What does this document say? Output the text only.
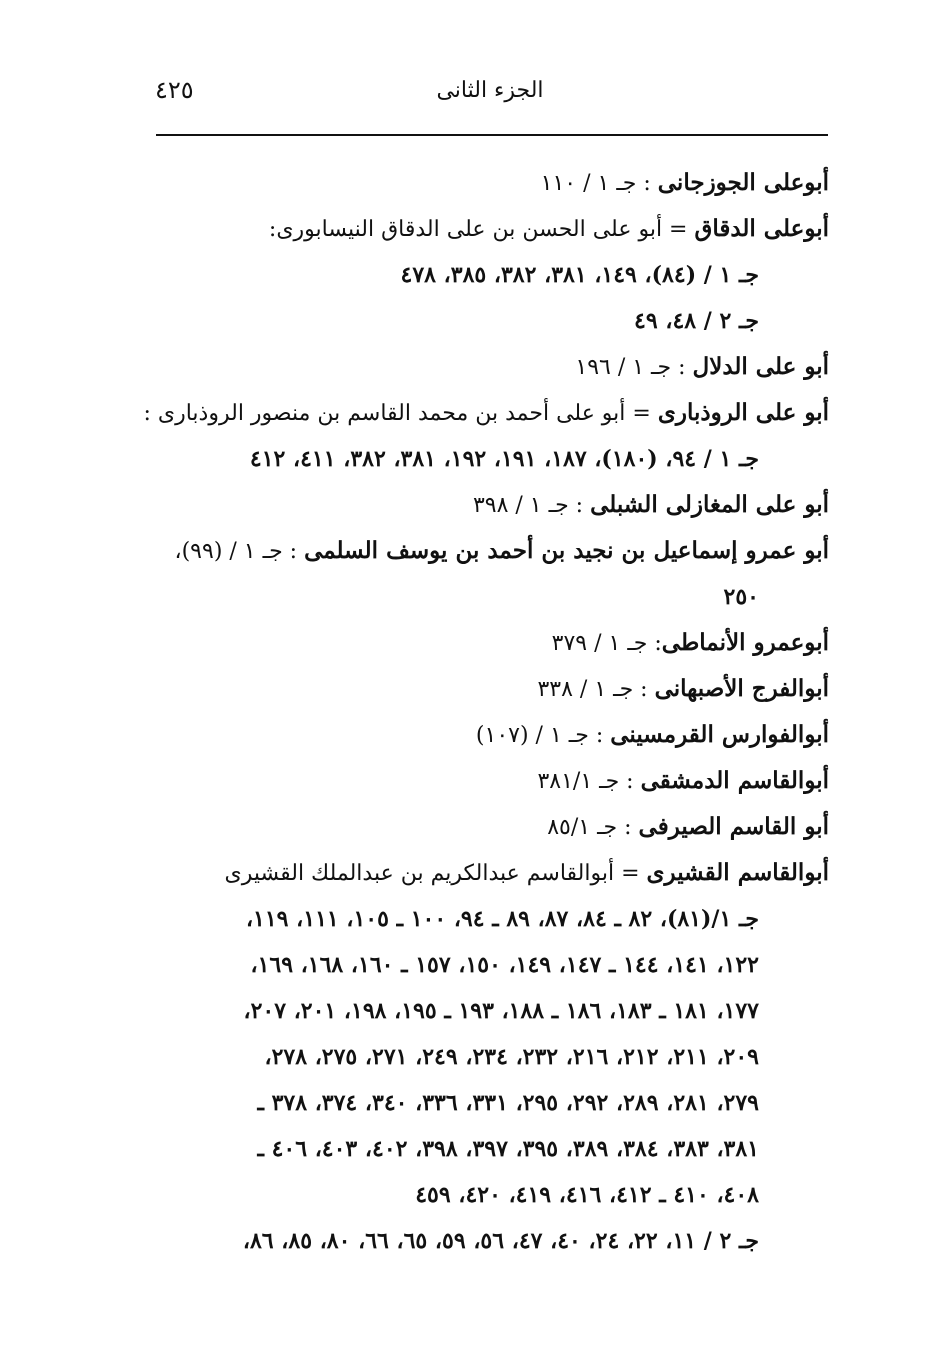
٤٢٥	الجزء الثانى
أبوعلى الجوزجانى : جـ ١ / ١١٠
أبوعلى الدقاق = أبو على الحسن بن على الدقاق النيسابورى:
جـ ١ / (٨٤)، ١٤٩، ٣٨١، ٣٨٢، ٣٨٥، ٤٧٨
جـ ٢ / ٤٨، ٤٩
أبو على الدلال : جـ ١ / ١٩٦
أبو على الروذبارى = أبو على أحمد بن محمد القاسم بن منصور الروذبارى :
جـ ١ / ٩٤، (١٨٠)، ١٨٧، ١٩١، ١٩٢، ٣٨١، ٣٨٢، ٤١١، ٤١٢
أبو على المغازلى الشبلى : جـ ١ / ٣٩٨
أبو عمرو إسماعيل بن نجيد بن أحمد بن يوسف السلمى : جـ ١ / (٩٩)،
٢٥٠
أبوعمرو الأنماطى: جـ ١ / ٣٧٩
أبوالفرج الأصبهانى : جـ ١ / ٣٣٨
أبوالفوارس القرمسينى : جـ ١ / (١٠٧)
أبوالقاسم الدمشقى : جـ ٣٨١/١
أبو القاسم الصيرفى : جـ ٨٥/١
أبوالقاسم القشيرى = أبوالقاسم عبدالكريم بن عبدالملك القشيرى
جـ ١/(٨١)، ٨٢ ـ ٨٤، ٨٧، ٨٩ ـ ٩٤، ١٠٠ ـ ١٠٥، ١١١، ١١٩،
١٢٢، ١٤١، ١٤٤ ـ ١٤٧، ١٤٩، ١٥٠، ١٥٧ ـ ١٦٠، ١٦٨، ١٦٩،
١٧٧، ١٨١ ـ ١٨٣، ١٨٦ ـ ١٨٨، ١٩٣ ـ ١٩٥، ١٩٨، ٢٠١، ٢٠٧،
٢٠٩، ٢١١، ٢١٢، ٢١٦، ٢٣٢، ٢٣٤، ٢٤٩، ٢٧١، ٢٧٥، ٢٧٨،
٢٧٩، ٢٨١، ٢٨٩، ٢٩٢، ٢٩٥، ٣٣١، ٣٣٦، ٣٤٠، ٣٧٤، ٣٧٨ ـ
٣٨١، ٣٨٣، ٣٨٤، ٣٨٩، ٣٩٥، ٣٩٧، ٣٩٨، ٤٠٢، ٤٠٣، ٤٠٦ ـ
٤٠٨، ٤١٠ ـ ٤١٢، ٤١٦، ٤١٩، ٤٢٠، ٤٥٩
جـ ٢ / ١١، ٢٢، ٢٤، ٤٠، ٤٧، ٥٦، ٥٩، ٦٥، ٦٦، ٨٠، ٨٥، ٨٦،
